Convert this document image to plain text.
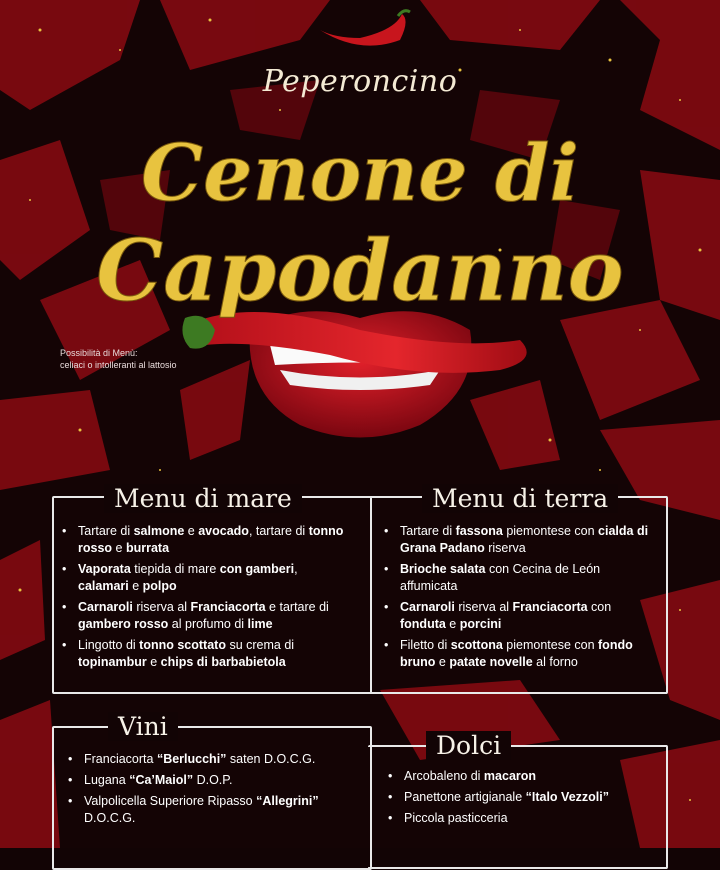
Peperoncino
Cenone di
Capodanno
Possibilità di Menù:
celiaci o intolleranti al lattosio
Menu di mare
• Tartare di salmone e avocado, tartare di tonno rosso e burrata
• Vaporata tiepida di mare con gamberi, calamari e polpo
• Carnaroli riserva al Franciacorta e tartare di gambero rosso al profumo di lime
• Lingotto di tonno scottato su crema di topinambur e chips di barbabietola
Menu di terra
• Tartare di fassona piemontese con cialda di Grana Padano riserva
• Brioche salata con Cecina de León affumicata
• Carnaroli riserva al Franciacorta con fonduta e porcini
• Filetto di scottona piemontese con fondo bruno e patate novelle al forno
Vini
• Franciacorta “Berlucchi” saten D.O.C.G.
• Lugana “Ca’Maiol” D.O.P.
• Valpolicella Superiore Ripasso “Allegrini” D.O.C.G.
Dolci
• Arcobaleno di macaron
• Panettone artigianale “Italo Vezzoli”
• Piccola pasticceria
